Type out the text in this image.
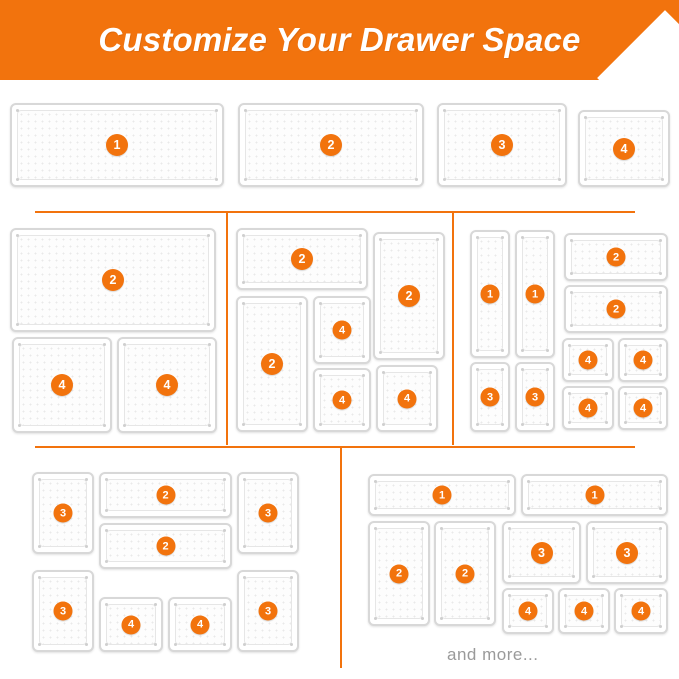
Customize Your Drawer Space
1	2	3	4
2
4	4
2
2
2
4
4	4
1	1
2
2
3	3
4	4
4	4
3
2
3
2
3	3
4	4
1	1
2	2
3	3
4	4	4
and more...
